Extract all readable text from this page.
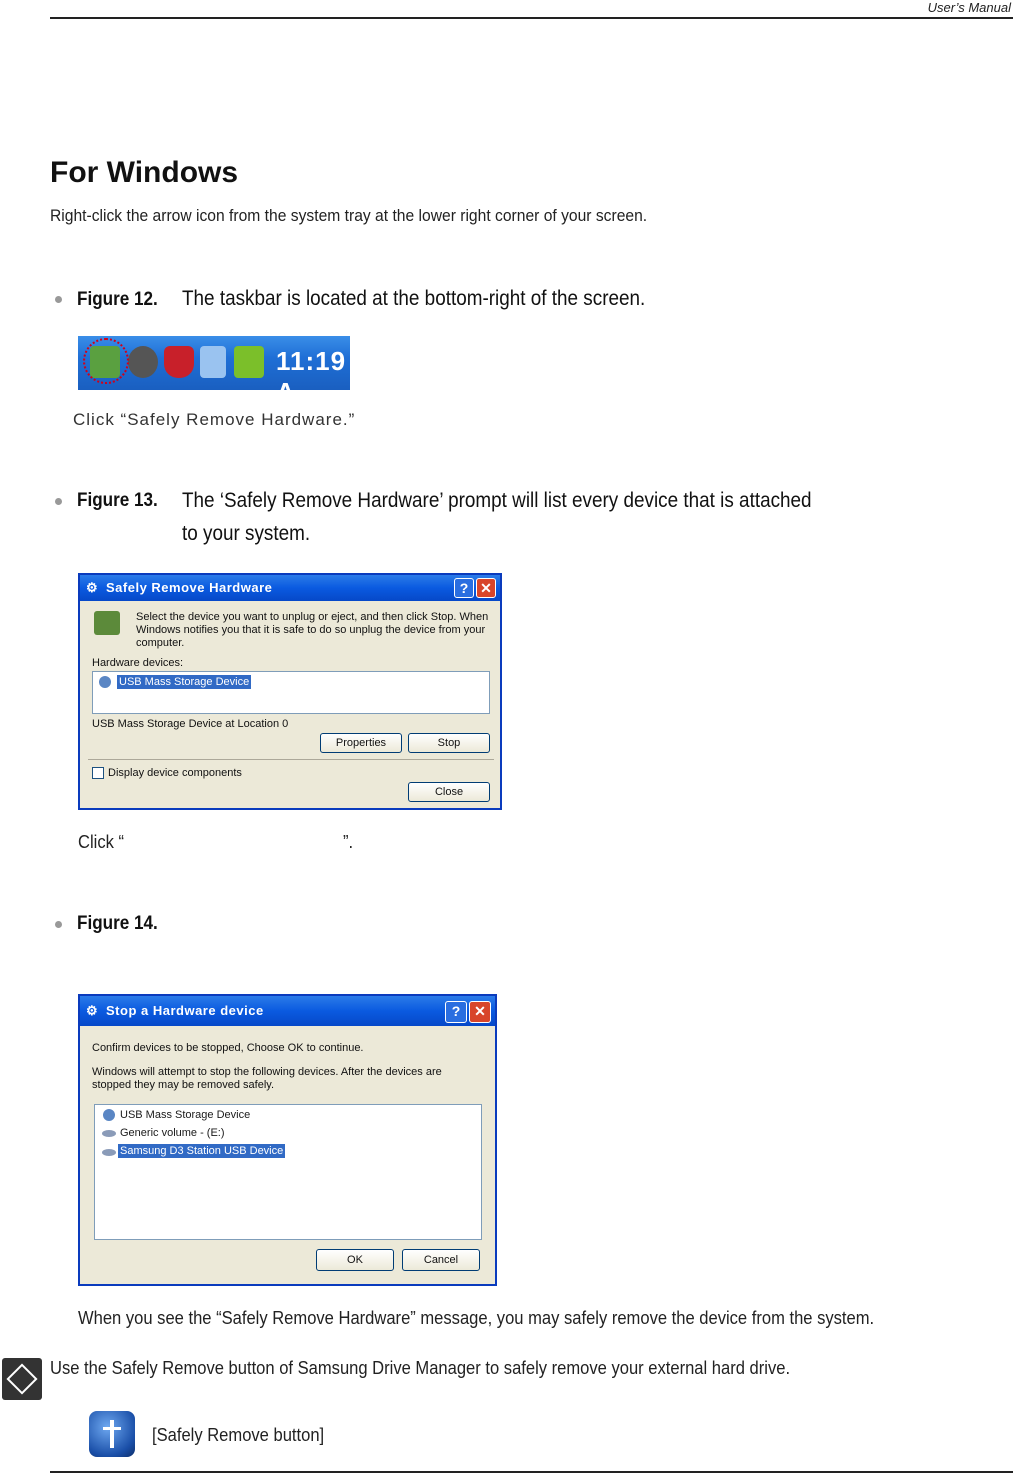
User’s Manual
For Windows
Right-click the arrow icon from the system tray at the lower right corner of your screen.
Figure 12. The taskbar is located at the bottom-right of the screen.
11:19 A
Click “Safely Remove Hardware.”
Figure 13. The ‘Safely Remove Hardware’ prompt will list every device that is attached
to your system.
⚙ Safely Remove Hardware	? ✕
Select the device you want to unplug or eject, and then click Stop. When
Windows notifies you that it is safe to do so unplug the device from your
computer.
Hardware devices:
USB Mass Storage Device
USB Mass Storage Device at Location 0
Properties	Stop
Display device components
Close
Click “	”.
Figure 14.
⚙ Stop a Hardware device	? ✕
Confirm devices to be stopped, Choose OK to continue.
Windows will attempt to stop the following devices. After the devices are
stopped they may be removed safely.
USB Mass Storage Device
Generic volume - (E:)
Samsung D3 Station USB Device
OK	Cancel
When you see the “Safely Remove Hardware” message, you may safely remove the device from the system.
Use the Safely Remove button of Samsung Drive Manager to safely remove your external hard drive.
[Safely Remove button]
